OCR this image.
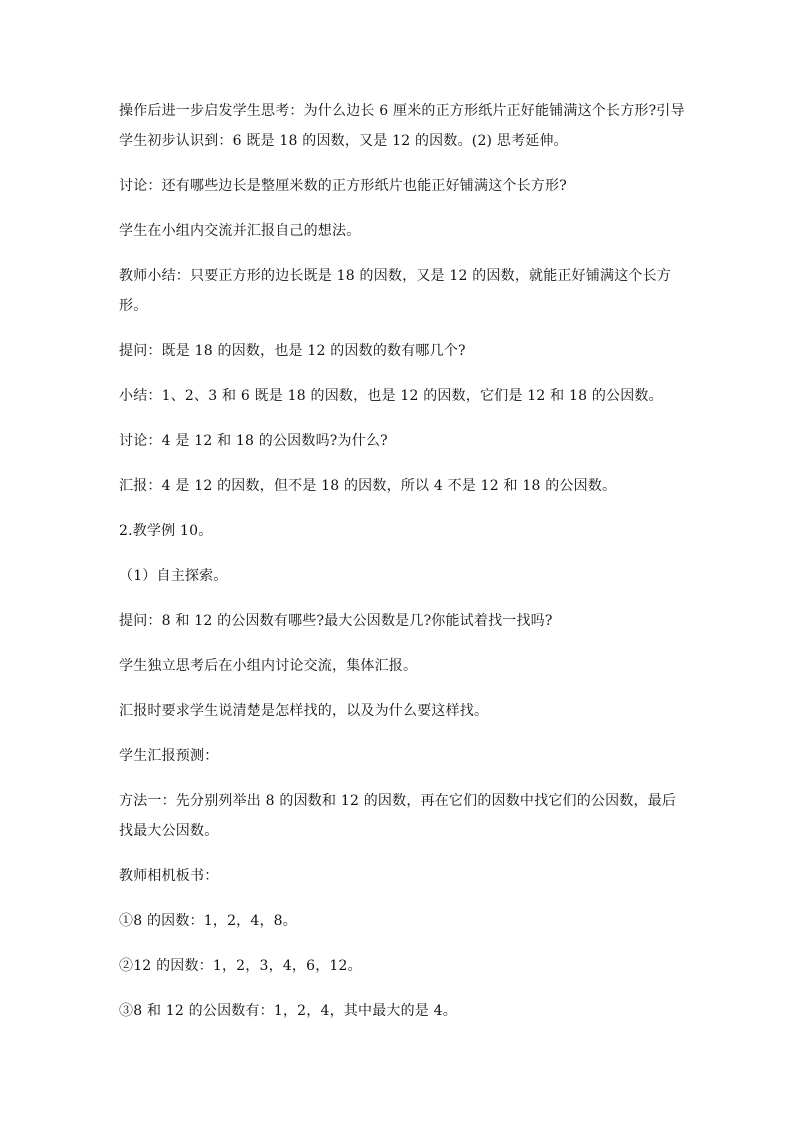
操作后进一步启发学生思考：为什么边长 6 厘米的正方形纸片正好能铺满这个长方形?引导学生初步认识到：6 既是 18 的因数，又是 12 的因数。(2) 思考延伸。

讨论：还有哪些边长是整厘米数的正方形纸片也能正好铺满这个长方形?

学生在小组内交流并汇报自己的想法。

教师小结：只要正方形的边长既是 18 的因数，又是 12 的因数，就能正好铺满这个长方形。

提问：既是 18 的因数，也是 12 的因数的数有哪几个?

小结：1、2、3 和 6 既是 18 的因数，也是 12 的因数，它们是 12 和 18 的公因数。

讨论：4 是 12 和 18 的公因数吗?为什么?

汇报：4 是 12 的因数，但不是 18 的因数，所以 4 不是 12 和 18 的公因数。

2.教学例 10。

（1）自主探索。

提问：8 和 12 的公因数有哪些?最大公因数是几?你能试着找一找吗?

学生独立思考后在小组内讨论交流，集体汇报。

汇报时要求学生说清楚是怎样找的，以及为什么要这样找。

学生汇报预测：

方法一：先分别列举出 8 的因数和 12 的因数，再在它们的因数中找它们的公因数，最后找最大公因数。

教师相机板书：

①8 的因数：1，2，4，8。

②12 的因数：1，2，3，4，6，12。

③8 和 12 的公因数有：1，2，4，其中最大的是 4。
